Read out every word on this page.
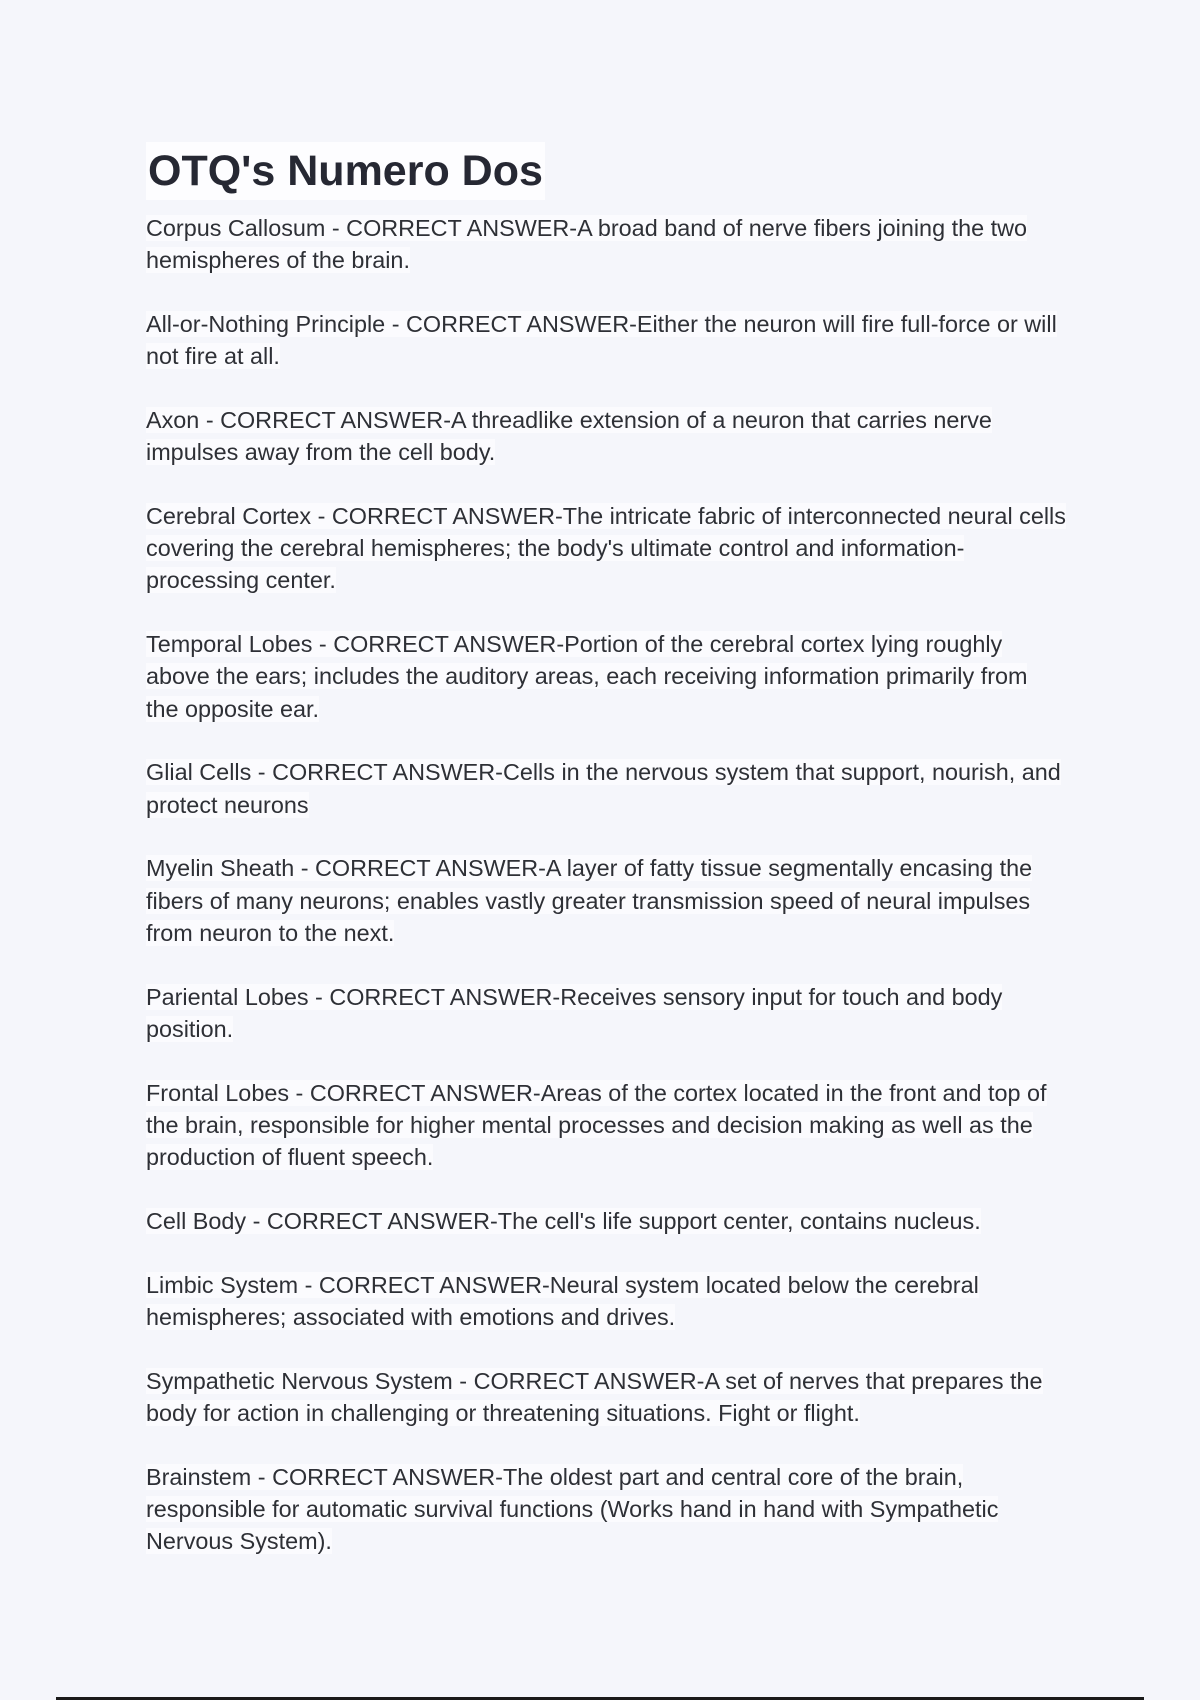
OTQ's Numero Dos

Corpus Callosum - CORRECT ANSWER-A broad band of nerve fibers joining the two hemispheres of the brain.

All-or-Nothing Principle - CORRECT ANSWER-Either the neuron will fire full-force or will not fire at all.

Axon - CORRECT ANSWER-A threadlike extension of a neuron that carries nerve impulses away from the cell body.

Cerebral Cortex - CORRECT ANSWER-The intricate fabric of interconnected neural cells covering the cerebral hemispheres; the body's ultimate control and information-processing center.

Temporal Lobes - CORRECT ANSWER-Portion of the cerebral cortex lying roughly above the ears; includes the auditory areas, each receiving information primarily from the opposite ear.

Glial Cells - CORRECT ANSWER-Cells in the nervous system that support, nourish, and protect neurons

Myelin Sheath - CORRECT ANSWER-A layer of fatty tissue segmentally encasing the fibers of many neurons; enables vastly greater transmission speed of neural impulses from neuron to the next.

Pariental Lobes - CORRECT ANSWER-Receives sensory input for touch and body position.

Frontal Lobes - CORRECT ANSWER-Areas of the cortex located in the front and top of the brain, responsible for higher mental processes and decision making as well as the production of fluent speech.

Cell Body - CORRECT ANSWER-The cell's life support center, contains nucleus.

Limbic System - CORRECT ANSWER-Neural system located below the cerebral hemispheres; associated with emotions and drives.

Sympathetic Nervous System - CORRECT ANSWER-A set of nerves that prepares the body for action in challenging or threatening situations. Fight or flight.

Brainstem - CORRECT ANSWER-The oldest part and central core of the brain, responsible for automatic survival functions (Works hand in hand with Sympathetic Nervous System).
